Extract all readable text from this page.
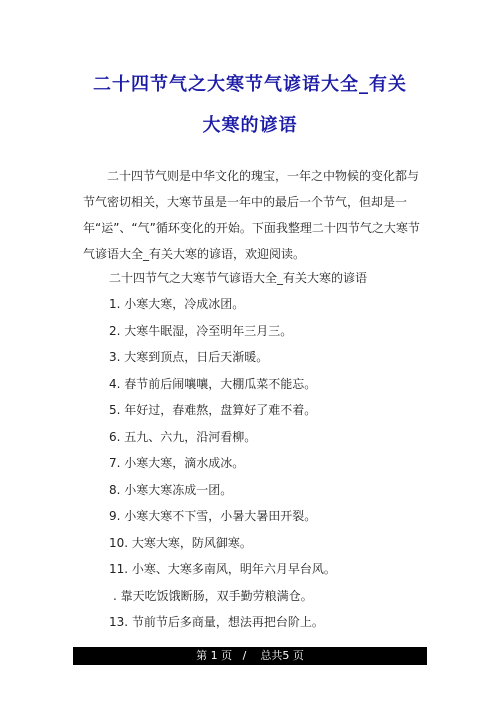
二十四节气之大寒节气谚语大全_有关
大寒的谚语

二十四节气则是中华文化的瑰宝，一年之中物候的变化都与节气密切相关，大寒节虽是一年中的最后一个节气，但却是一年“运”、“气”循环变化的开始。下面我整理二十四节气之大寒节气谚语大全_有关大寒的谚语，欢迎阅读。

二十四节气之大寒节气谚语大全_有关大寒的谚语

1. 小寒大寒，冷成冰团。
2. 大寒牛眠湿，冷至明年三月三。
3. 大寒到顶点，日后天渐暖。
4. 春节前后闹嚷嚷，大棚瓜菜不能忘。
5. 年好过，春难熬，盘算好了难不着。
6. 五九、六九，沿河看柳。
7. 小寒大寒，滴水成冰。
8. 小寒大寒冻成一团。
9. 小寒大寒不下雪，小暑大暑田开裂。
10. 大寒大寒，防风御寒。
11. 小寒、大寒多南风，明年六月早台风。
. 靠天吃饭饿断肠，双手勤劳粮满仓。
13. 节前节后多商量，想法再把台阶上。
第 1 页 / 总共5 页
